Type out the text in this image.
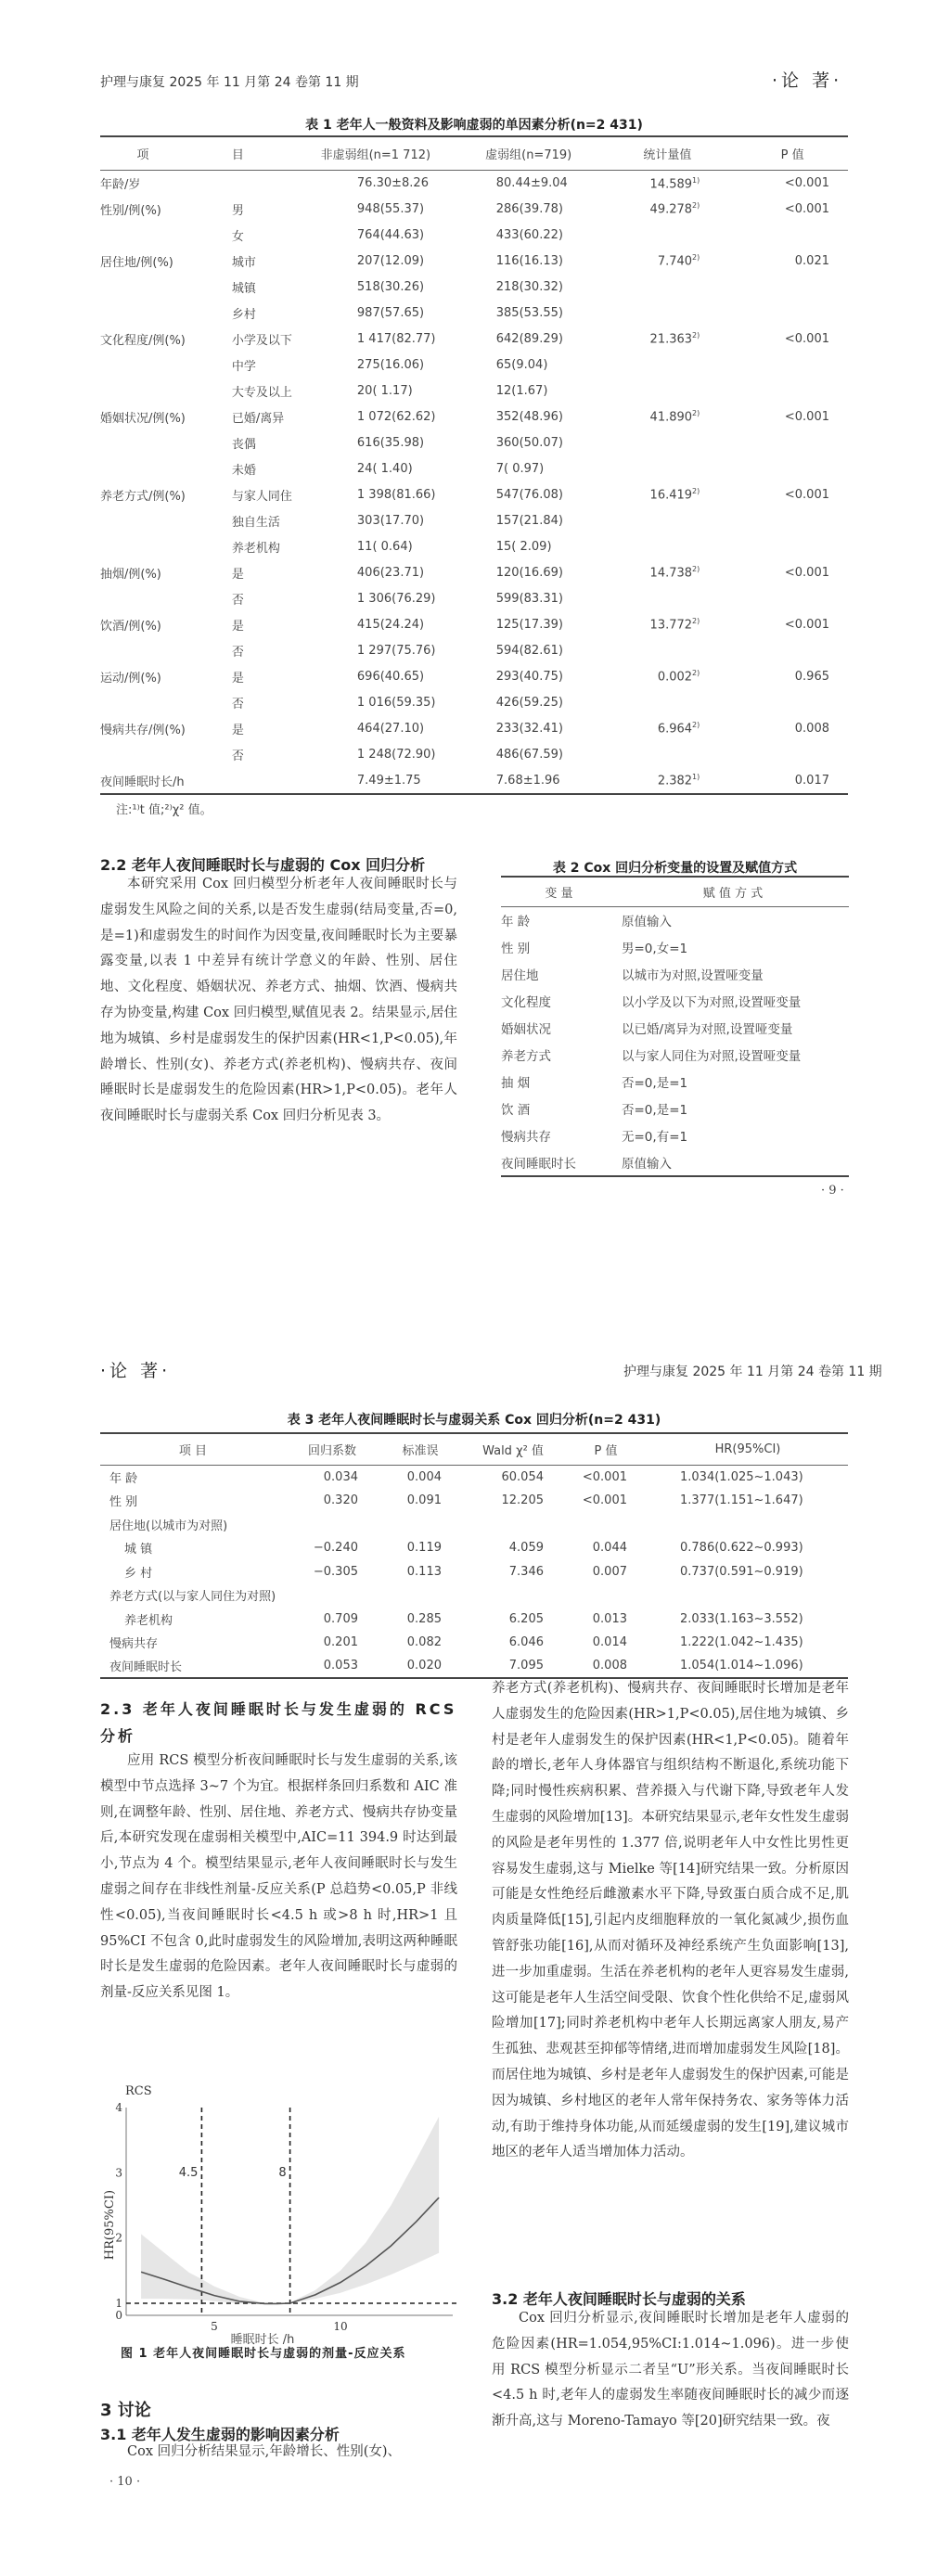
护理与康复 2025 年 11 月第 24 卷第 11 期	·论 著·
表 1 老年人一般资料及影响虚弱的单因素分析(n=2 431)
项	目	非虚弱组(n=1 712)	虚弱组(n=719)	统计量值	P 值
年龄/岁		76.30±8.26	80.44±9.04	$14.589^{1)}$	<0.001
性别/例(%)	男	948(55.37)	286(39.78)	$49.278^{2)}$	<0.001
	女	764(44.63)	433(60.22)		
居住地/例(%)	城市	207(12.09)	116(16.13)	7.740$^{2)}$	0.021
	城镇	518(30.26)	218(30.32)		
	乡村	987(57.65)	385(53.55)		
文化程度/例(%)	小学及以下	1 417(82.77)	642(89.29)	$21.363^{2)}$	<0.001
	中学	275(16.06)	65(9.04)		
	大专及以上	20( 1.17)	12(1.67)		
婚姻状况/例(%)	已婚/离异	1 072(62.62)	352(48.96)	$41.890^{2)}$	<0.001
	丧偶	616(35.98)	360(50.07)		
	未婚	24( 1.40)	7( 0.97)		
养老方式/例(%)	与家人同住	1 398(81.66)	547(76.08)	$16.419^{2)}$	<0.001
	独自生活	303(17.70)	157(21.84)		
	养老机构	11( 0.64)	15( 2.09)		
抽烟/例(%)	是	406(23.71)	120(16.69)	$14.738^{2)}$	<0.001
	否	1 306(76.29)	599(83.31)		
饮酒/例(%)	是	415(24.24)	125(17.39)	$13.772^{2)}$	<0.001
	否	1 297(75.76)	594(82.61)		
运动/例(%)	是	696(40.65)	293(40.75)	0.002$^{2)}$	0.965
	否	1 016(59.35)	426(59.25)		
慢病共存/例(%)	是	464(27.10)	233(32.41)	6.964$^{2)}$	0.008
	否	1 248(72.90)	486(67.59)		
夜间睡眠时长/h		7.49±1.75	7.68±1.96	2.382$^{1)}$	0.017
注:¹⁾t 值;²⁾χ² 值。
2.2 老年人夜间睡眠时长与虚弱的 Cox 回归分析

本研究采用 Cox 回归模型分析老年人夜间睡眠时长与虚弱发生风险之间的关系,以是否发生虚弱(结局变量,否=0,是=1)和虚弱发生的时间作为因变量,夜间睡眠时长为主要暴露变量,以表 1 中差异有统计学意义的年龄、性别、居住地、文化程度、婚姻状况、养老方式、抽烟、饮酒、慢病共存为协变量,构建 Cox 回归模型,赋值见表 2。结果显示,居住地为城镇、乡村是虚弱发生的保护因素(HR<1,P<0.05),年龄增长、性别(女)、养老方式(养老机构)、慢病共存、夜间睡眠时长是虚弱发生的危险因素(HR>1,P<0.05)。老年人夜间睡眠时长与虚弱关系 Cox 回归分析见表 3。

表 2 Cox 回归分析变量的设置及赋值方式
变 量	赋 值 方 式
年 龄	原值输入
性 别	男=0,女=1
居住地	以城市为对照,设置哑变量
文化程度	以小学及以下为对照,设置哑变量
婚姻状况	以已婚/离异为对照,设置哑变量
养老方式	以与家人同住为对照,设置哑变量
抽 烟	否=0,是=1
饮 酒	否=0,是=1
慢病共存	无=0,有=1
夜间睡眠时长	原值输入
· 9 ·
·论 著·	护理与康复 2025 年 11 月第 24 卷第 11 期
表 3 老年人夜间睡眠时长与虚弱关系 Cox 回归分析(n=2 431)
项 目	回归系数	标准误	Wald χ² 值	P 值	HR(95%CI)
年 龄	0.034	0.004	60.054	<0.001	1.034(1.025~1.043)
性 别	0.320	0.091	12.205	<0.001	1.377(1.151~1.647)
居住地(以城市为对照)					
城 镇	−0.240	0.119	4.059	0.044	0.786(0.622~0.993)
乡 村	−0.305	0.113	7.346	0.007	0.737(0.591~0.919)
养老方式(以与家人同住为对照)					
养老机构	0.709	0.285	6.205	0.013	2.033(1.163~3.552)
慢病共存	0.201	0.082	6.046	0.014	1.222(1.042~1.435)
夜间睡眠时长	0.053	0.020	7.095	0.008	1.054(1.014~1.096)
2.3 老年人夜间睡眠时长与发生虚弱的 RCS
分析

应用 RCS 模型分析夜间睡眠时长与发生虚弱的关系,该模型中节点选择 3~7 个为宜。根据样条回归系数和 AIC 准则,在调整年龄、性别、居住地、养老方式、慢病共存协变量后,本研究发现在虚弱相关模型中,AIC=11 394.9 时达到最小,节点为 4 个。模型结果显示,老年人夜间睡眠时长与发生虚弱之间存在非线性剂量-反应关系(P 总趋势<0.05,P 非线性<0.05),当夜间睡眠时长<4.5 h 或>8 h 时,HR>1 且 95%CI 不包含 0,此时虚弱发生的风险增加,表明这两种睡眠时长是发生虚弱的危险因素。老年人夜间睡眠时长与虚弱的剂量-反应关系见图 1。

RCS
HR(95%CI)
睡眠时长 /h
4.5	8
0
1
2
3
4
5	10
图 1 老年人夜间睡眠时长与虚弱的剂量-反应关系
3 讨论
3.1 老年人发生虚弱的影响因素分析

Cox 回归分析结果显示,年龄增长、性别(女)、

· 10 ·
养老方式(养老机构)、慢病共存、夜间睡眠时长增加是老年人虚弱发生的危险因素(HR>1,P<0.05),居住地为城镇、乡村是老年人虚弱发生的保护因素(HR<1,P<0.05)。随着年龄的增长,老年人身体器官与组织结构不断退化,系统功能下降;同时慢性疾病积累、营养摄入与代谢下降,导致老年人发生虚弱的风险增加[13]。本研究结果显示,老年女性发生虚弱的风险是老年男性的 1.377 倍,说明老年人中女性比男性更容易发生虚弱,这与 Mielke 等[14]研究结果一致。分析原因可能是女性绝经后雌激素水平下降,导致蛋白质合成不足,肌肉质量降低[15],引起内皮细胞释放的一氧化氮减少,损伤血管舒张功能[16],从而对循环及神经系统产生负面影响[13],进一步加重虚弱。生活在养老机构的老年人更容易发生虚弱,这可能是老年人生活空间受限、饮食个性化供给不足,虚弱风险增加[17];同时养老机构中老年人长期远离家人朋友,易产生孤独、悲观甚至抑郁等情绪,进而增加虚弱发生风险[18]。而居住地为城镇、乡村是老年人虚弱发生的保护因素,可能是因为城镇、乡村地区的老年人常年保持务农、家务等体力活动,有助于维持身体功能,从而延缓虚弱的发生[19],建议城市地区的老年人适当增加体力活动。
3.2 老年人夜间睡眠时长与虚弱的关系

Cox 回归分析显示,夜间睡眠时长增加是老年人虚弱的危险因素(HR=1.054,95%CI:1.014~1.096)。进一步使用 RCS 模型分析显示二者呈“U”形关系。当夜间睡眠时长<4.5 h 时,老年人的虚弱发生率随夜间睡眠时长的减少而逐渐升高,这与 Moreno-Tamayo 等[20]研究结果一致。夜
